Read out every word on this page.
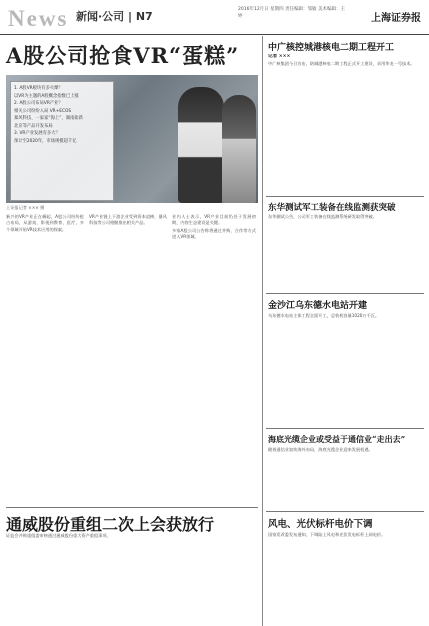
News 新闻·公司 | N7
2016年12月日 星期四 责任编辑：邹敏 美术编辑：王婷	上海证券报
A股公司抢食VR“蛋糕”
1. A股VR板块有多火爆？
以VR为主题的A股概念指数已上涨
2. A股公司布局VR产业？
相关公司纷纷入局 VR+ECOS
暴风科技、一家家“海上”、湖南盐新
北京等产品开发布局
3. VR产业发展有多大？
预计至2020年，市场规模超千亿
上证报记者 ××× 摄

新兴的VR产业正在崛起，A股公司纷纷抢占布局，从游戏、影视到教育、医疗，多个领域开始VR技术应用的探索。

VR产业链上下游企业受到资本追捧，暴风科技等公司相继推出相关产品。

业内人士表示，VR产业目前仍处于发展初期，内容生态建设是关键。

多家A股公司公告称将通过并购、合作等方式进入VR领域。

通威股份重组二次上会获放行

证监会并购重组委审核通过通威股份重大资产重组事项。

中广核控城港核电二期工程开工

记者 ×××

中广核集团今日宣布，防城港核电二期工程正式开工建设，采用华龙一号技术。

东华测试军工装备在线监测获突破

东华测试公告，公司军工装备在线监测系统研发取得突破。

金沙江乌东德水电站开建

乌东德水电站主体工程全面开工，总装机容量1020万千瓦。

海底光缆企业或受益于通信业“走出去”

随着通信业加快海外布局，海底光缆企业迎来发展机遇。

风电、光伏标杆电价下调

国家发改委发布通知，下调陆上风电和光伏发电标杆上网电价。
